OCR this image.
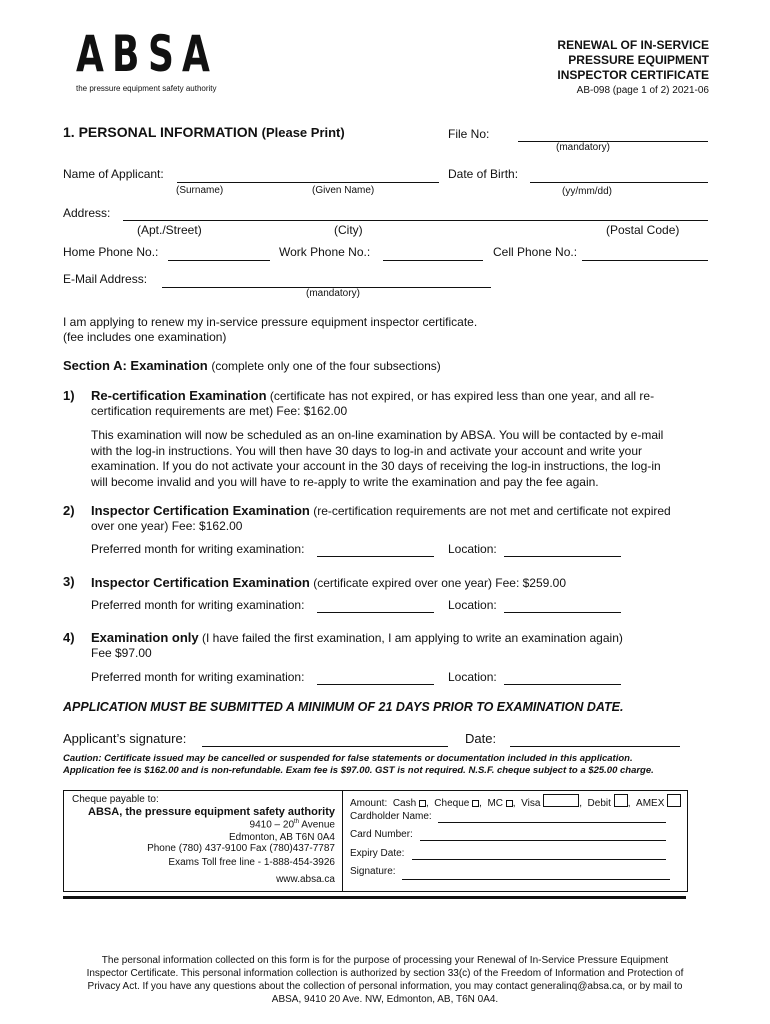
A B S A
the pressure equipment safety authority
RENEWAL OF IN-SERVICE
PRESSURE EQUIPMENT
INSPECTOR CERTIFICATE
AB-098 (page 1 of 2) 2021-06
1. PERSONAL INFORMATION (Please Print)	File No:
(mandatory)
Name of Applicant:
(Surname)	(Given Name)
Date of Birth:
(yy/mm/dd)
Address:
(Apt./Street)	(City)	(Postal Code)
Home Phone No.:	Work Phone No.:	Cell Phone No.:
E-Mail Address:
(mandatory)
I am applying to renew my in-service pressure equipment inspector certificate.
(fee includes one examination)
Section A: Examination (complete only one of the four subsections)
1) Re-certification Examination (certificate has not expired, or has expired less than one year, and all re-
certification requirements are met) Fee: $162.00
This examination will now be scheduled as an on-line examination by ABSA. You will be contacted by e-mail
with the log-in instructions. You will then have 30 days to log-in and activate your account and write your
examination. If you do not activate your account in the 30 days of receiving the log-in instructions, the log-in
will become invalid and you will have to re-apply to write the examination and pay the fee again.
2) Inspector Certification Examination (re-certification requirements are not met and certificate not expired
over one year) Fee: $162.00
Preferred month for writing examination:	Location:
3) Inspector Certification Examination (certificate expired over one year) Fee: $259.00
Preferred month for writing examination:	Location:
4) Examination only (I have failed the first examination, I am applying to write an examination again)
Fee $97.00
Preferred month for writing examination:	Location:
APPLICATION MUST BE SUBMITTED A MINIMUM OF 21 DAYS PRIOR TO EXAMINATION DATE.
Applicant’s signature:	Date:
Caution: Certificate issued may be cancelled or suspended for false statements or documentation included in this application.
Application fee is $162.00 and is non-refundable. Exam fee is $97.00. GST is not required. N.S.F. cheque subject to a $25.00 charge.
Cheque payable to:
ABSA, the pressure equipment safety authority
9410 – 20th Avenue
Edmonton, AB T6N 0A4
Phone (780) 437-9100 Fax (780)437-7787
Exams Toll free line - 1-888-454-3926
www.absa.ca
Amount: Cash ,  Cheque ,  MC ,  Visa	,  Debit ,  AMEX
Cardholder Name:
Card Number:
Expiry Date:
Signature:
The personal information collected on this form is for the purpose of processing your Renewal of In-Service Pressure Equipment
Inspector Certificate. This personal information collection is authorized by section 33(c) of the Freedom of Information and Protection of
Privacy Act. If you have any questions about the collection of personal information, you may contact generalinq@absa.ca, or by mail to
ABSA, 9410 20 Ave. NW, Edmonton, AB, T6N 0A4.
